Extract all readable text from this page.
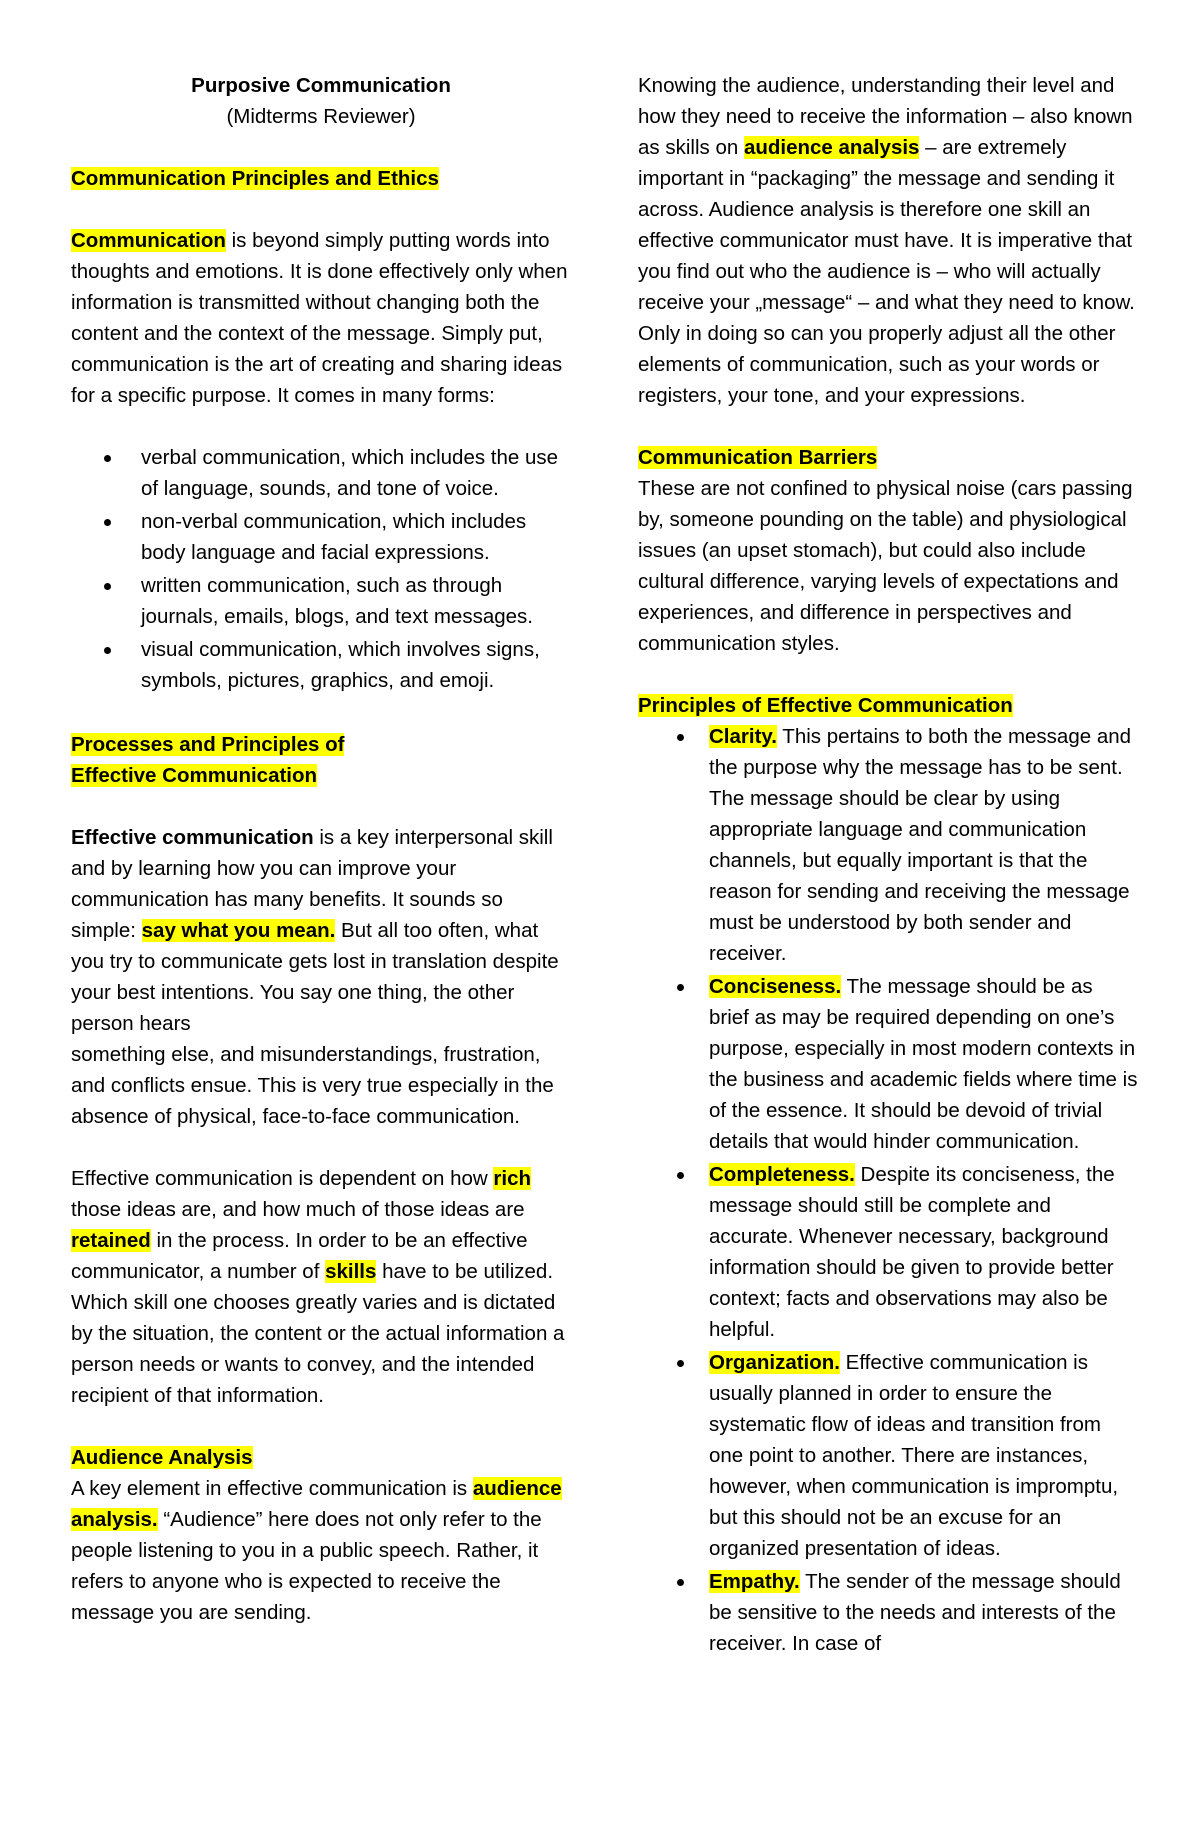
Purposive Communication

(Midterms Reviewer)

Communication Principles and Ethics

Communication is beyond simply putting words into thoughts and emotions. It is done effectively only when information is transmitted without changing both the content and the context of the message. Simply put, communication is the art of creating and sharing ideas for a specific purpose. It comes in many forms:

verbal communication, which includes the use of language, sounds, and tone of voice.
non-verbal communication, which includes body language and facial expressions.
written communication, such as through journals, emails, blogs, and text messages.
visual communication, which involves signs, symbols, pictures, graphics, and emoji.

Processes and Principles of Effective Communication

Effective communication is a key interpersonal skill and by learning how you can improve your communication has many benefits. It sounds so simple: say what you mean. But all too often, what you try to communicate gets lost in translation despite your best intentions. You say one thing, the other person hears
something else, and misunderstandings, frustration, and conflicts ensue. This is very true especially in the absence of physical, face-to-face communication.

Effective communication is dependent on how rich those ideas are, and how much of those ideas are retained in the process. In order to be an effective communicator, a number of skills have to be utilized. Which skill one chooses greatly varies and is dictated by the situation, the content or the actual information a person needs or wants to convey, and the intended recipient of that information.

Audience Analysis

A key element in effective communication is audience analysis. “Audience” here does not only refer to the people listening to you in a public speech. Rather, it refers to anyone who is expected to receive the message you are sending.

Knowing the audience, understanding their level and how they need to receive the information – also known as skills on audience analysis – are extremely important in “packaging” the message and sending it across. Audience analysis is therefore one skill an effective communicator must have. It is imperative that you find out who the audience is – who will actually receive your „message“ – and what they need to know. Only in doing so can you properly adjust all the other elements of communication, such as your words or registers, your tone, and your expressions.

Communication Barriers

These are not confined to physical noise (cars passing by, someone pounding on the table) and physiological issues (an upset stomach), but could also include cultural difference, varying levels of expectations and experiences, and difference in perspectives and communication styles.

Principles of Effective Communication

Clarity. This pertains to both the message and the purpose why the message has to be sent. The message should be clear by using appropriate language and communication channels, but equally important is that the reason for sending and receiving the message must be understood by both sender and receiver.
Conciseness. The message should be as brief as may be required depending on one’s purpose, especially in most modern contexts in the business and academic fields where time is of the essence. It should be devoid of trivial details that would hinder communication.
Completeness. Despite its conciseness, the message should still be complete and accurate. Whenever necessary, background information should be given to provide better context; facts and observations may also be helpful.
Organization. Effective communication is usually planned in order to ensure the systematic flow of ideas and transition from one point to another. There are instances, however, when communication is impromptu, but this should not be an excuse for an organized presentation of ideas.
Empathy. The sender of the message should be sensitive to the needs and interests of the receiver. In case of
